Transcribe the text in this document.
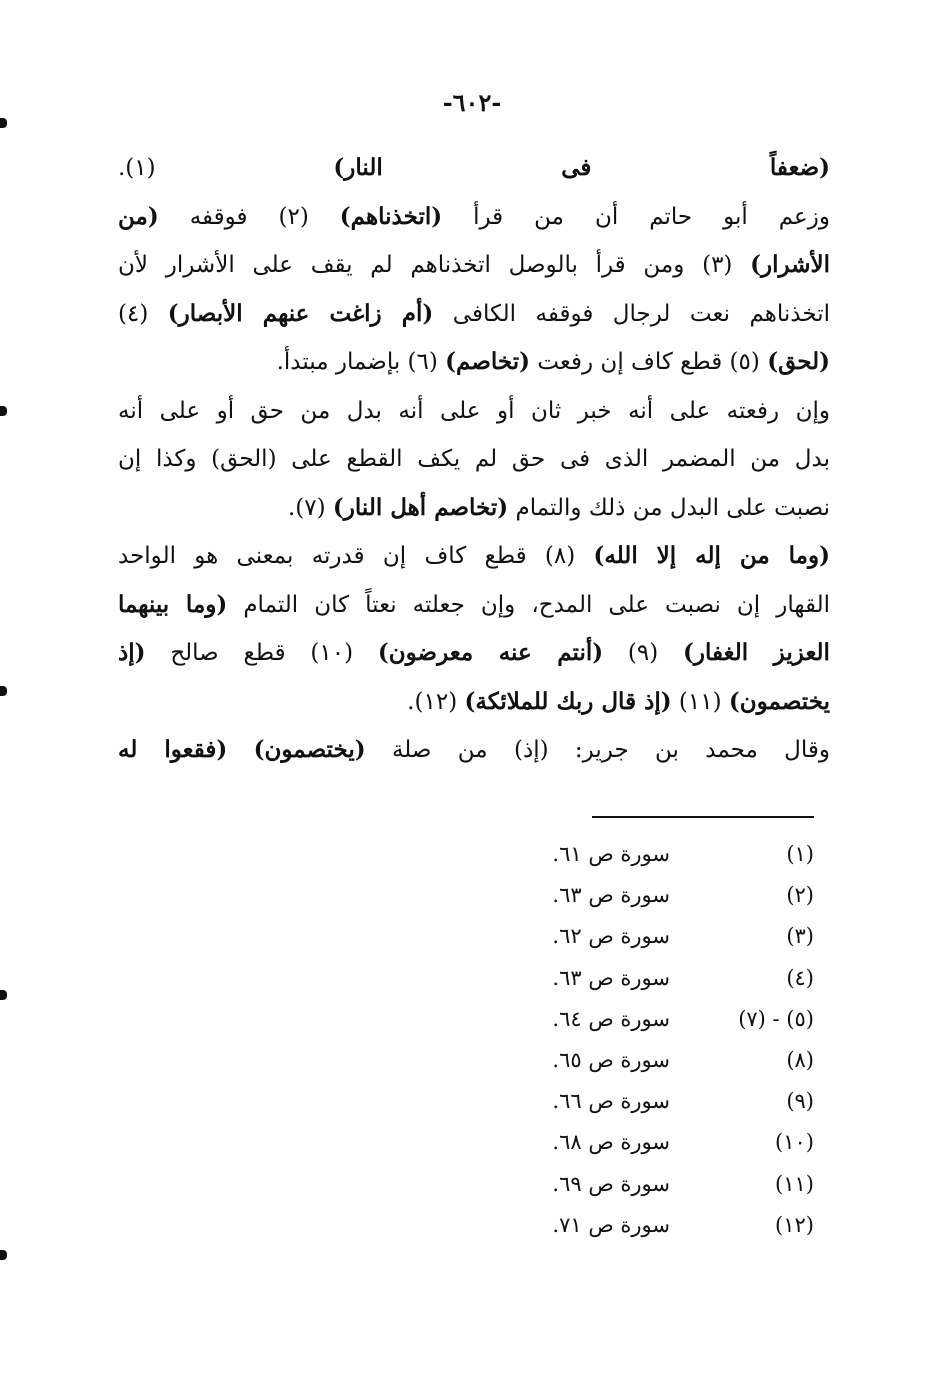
-٦٠٢-
(ضعفاً فى النار) (١).
وزعم أبو حاتم أن من قرأ (اتخذناهم) (٢) فوقفه (من
الأشرار) (٣) ومن قرأ بالوصل اتخذناهم لم يقف على الأشرار لأن
اتخذناهم نعت لرجال فوقفه الكافى (أم زاغت عنهم الأبصار) (٤)
(لحق) (٥) قطع كاف إن رفعت (تخاصم) (٦) بإضمار مبتدأ.
وإن رفعته على أنه خبر ثان أو على أنه بدل من حق أو على أنه
بدل من المضمر الذى فى حق لم يكف القطع على (الحق) وكذا إن
نصبت على البدل من ذلك والتمام (تخاصم أهل النار) (٧).
(وما من إله إلا الله) (٨) قطع كاف إن قدرته بمعنى هو الواحد
القهار إن نصبت على المدح، وإن جعلته نعتاً كان التمام (وما بينهما
العزيز الغفار) (٩) (أنتم عنه معرضون) (١٠) قطع صالح (إذ
يختصمون) (١١) (إذ قال ربك للملائكة) (١٢).
وقال محمد بن جرير: (إذ) من صلة (يختصمون) (فقعوا له
(١)
سورة ص ٦١.
(٢)
سورة ص ٦٣.
(٣)
سورة ص ٦٢.
(٤)
سورة ص ٦٣.
(٥) - (٧)
سورة ص ٦٤.
(٨)
سورة ص ٦٥.
(٩)
سورة ص ٦٦.
(١٠)
سورة ص ٦٨.
(١١)
سورة ص ٦٩.
(١٢)
سورة ص ٧١.
